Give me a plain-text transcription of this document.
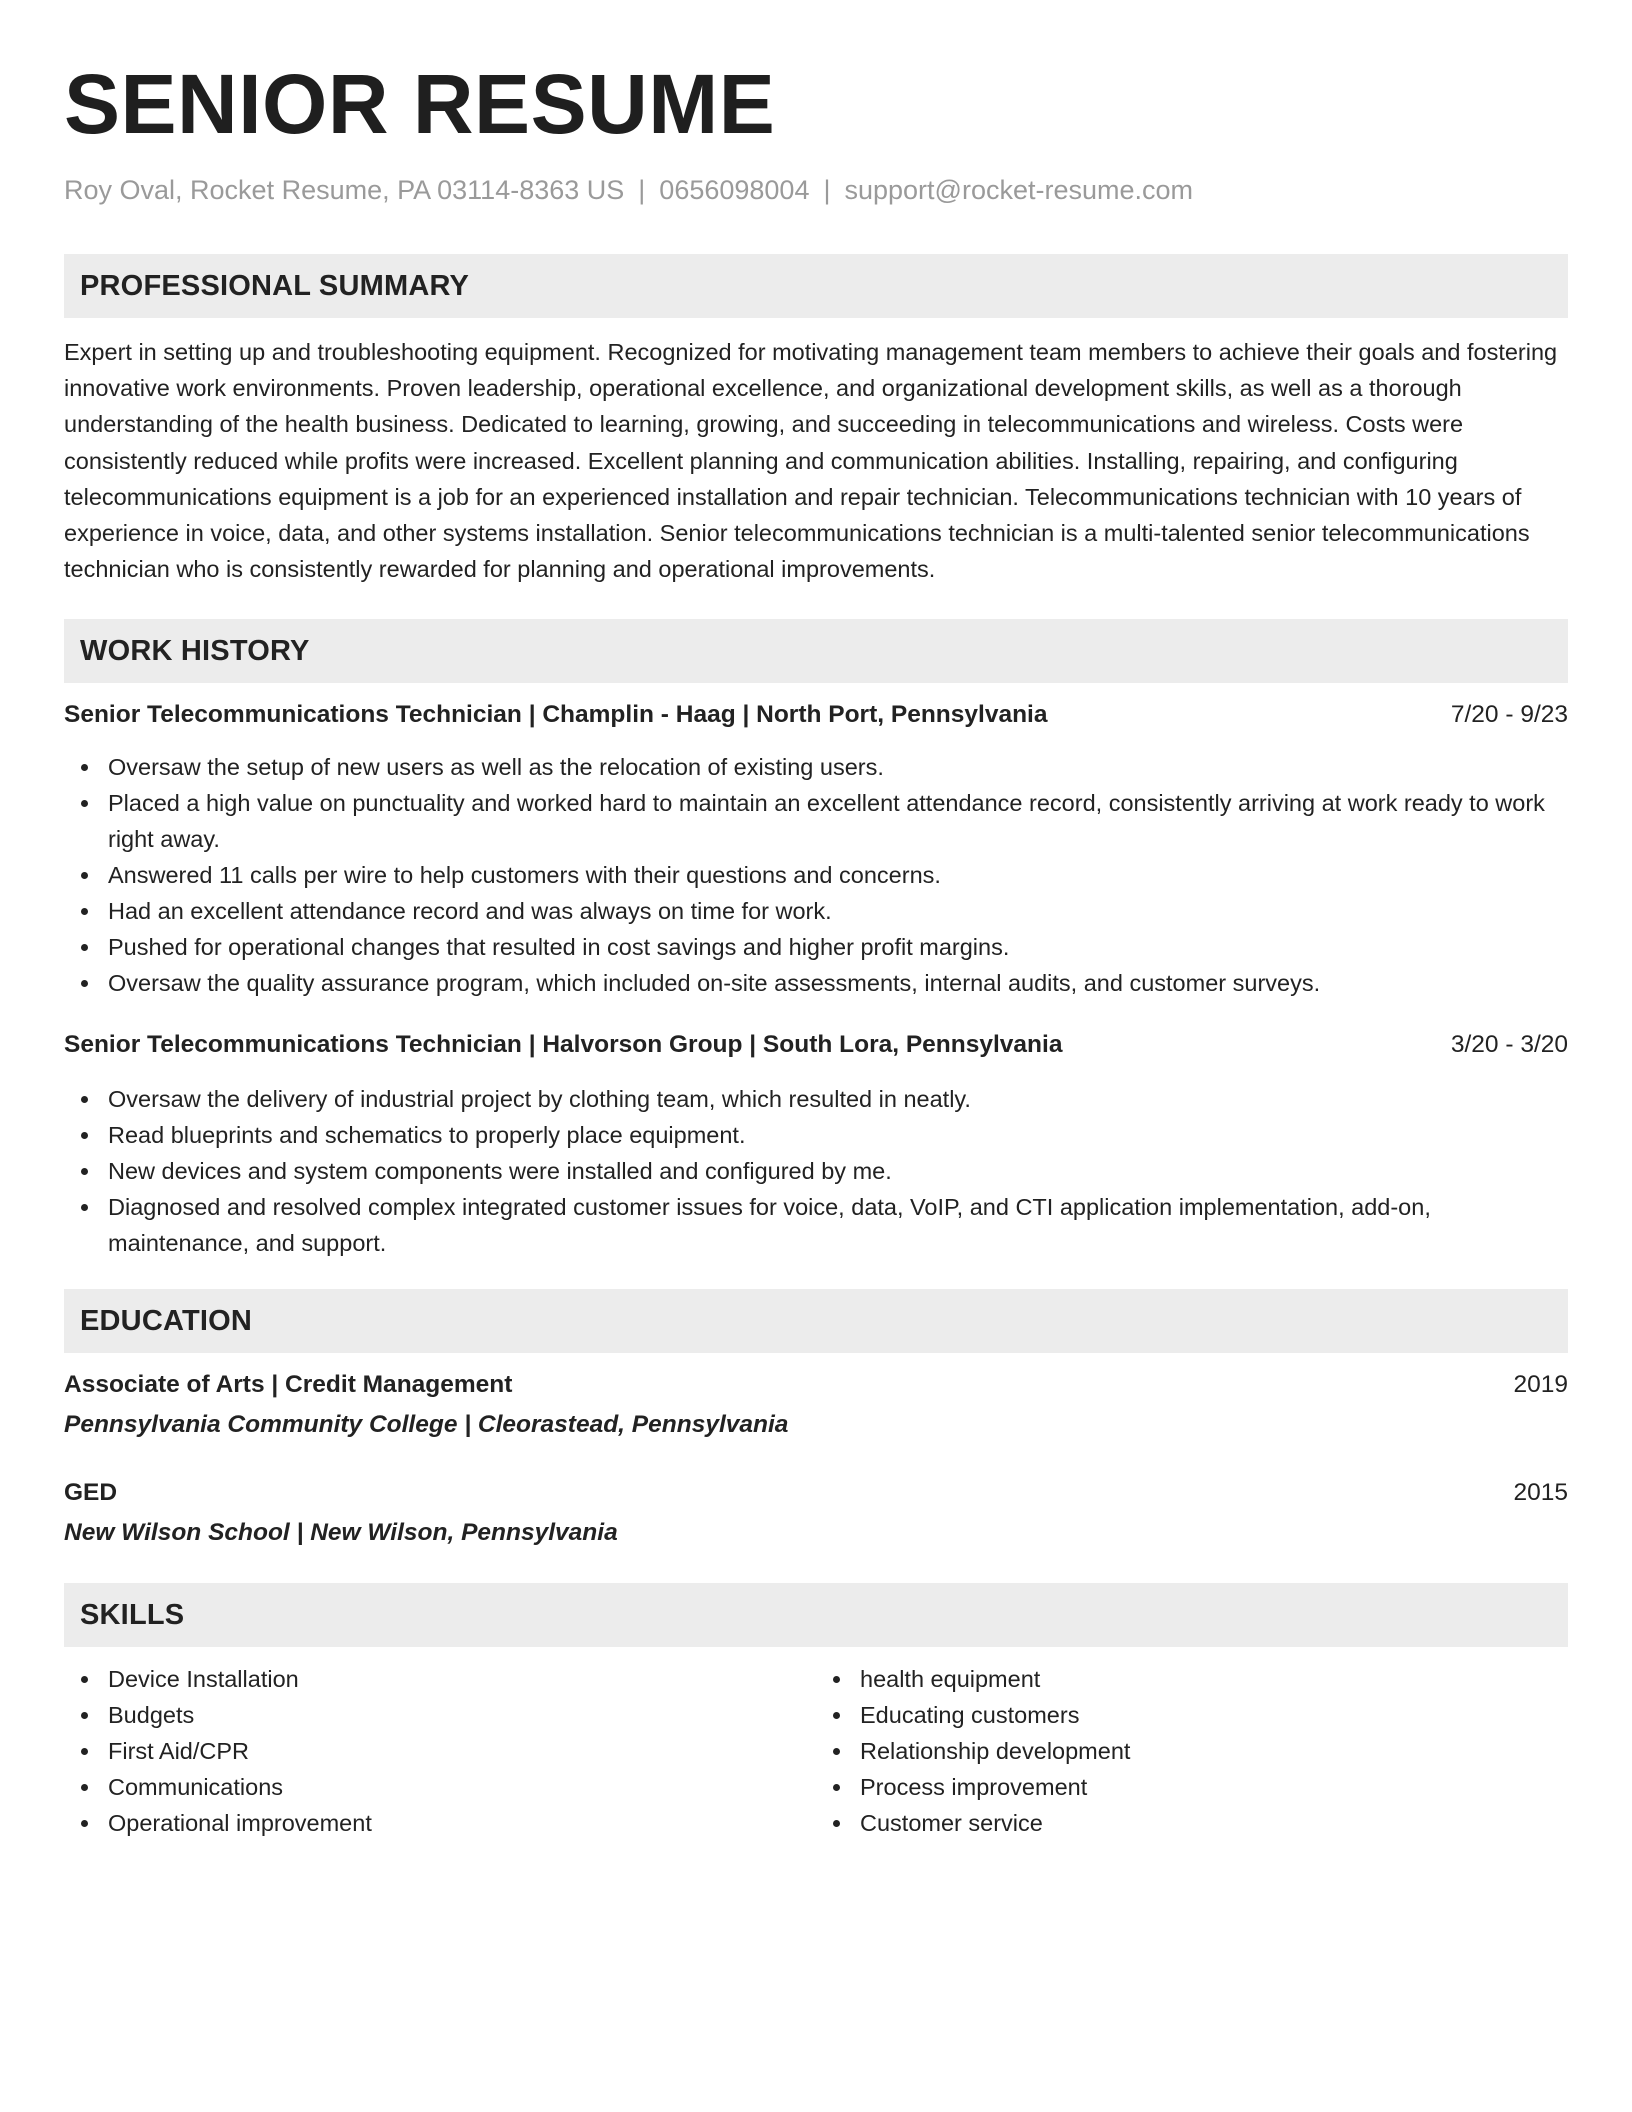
SENIOR RESUME
Roy Oval, Rocket Resume, PA 03114-8363 US | 0656098004 | support@rocket-resume.com
PROFESSIONAL SUMMARY
Expert in setting up and troubleshooting equipment. Recognized for motivating management team members to achieve their goals and fostering innovative work environments. Proven leadership, operational excellence, and organizational development skills, as well as a thorough understanding of the health business. Dedicated to learning, growing, and succeeding in telecommunications and wireless. Costs were consistently reduced while profits were increased. Excellent planning and communication abilities. Installing, repairing, and configuring telecommunications equipment is a job for an experienced installation and repair technician. Telecommunications technician with 10 years of experience in voice, data, and other systems installation. Senior telecommunications technician is a multi-talented senior telecommunications technician who is consistently rewarded for planning and operational improvements.
WORK HISTORY
Senior Telecommunications Technician | Champlin - Haag | North Port, Pennsylvania	7/20 - 9/23
Oversaw the setup of new users as well as the relocation of existing users.
Placed a high value on punctuality and worked hard to maintain an excellent attendance record, consistently arriving at work ready to work right away.
Answered 11 calls per wire to help customers with their questions and concerns.
Had an excellent attendance record and was always on time for work.
Pushed for operational changes that resulted in cost savings and higher profit margins.
Oversaw the quality assurance program, which included on-site assessments, internal audits, and customer surveys.
Senior Telecommunications Technician | Halvorson Group | South Lora, Pennsylvania	3/20 - 3/20
Oversaw the delivery of industrial project by clothing team, which resulted in neatly.
Read blueprints and schematics to properly place equipment.
New devices and system components were installed and configured by me.
Diagnosed and resolved complex integrated customer issues for voice, data, VoIP, and CTI application implementation, add-on, maintenance, and support.
EDUCATION
Associate of Arts | Credit Management	2019
Pennsylvania Community College | Cleorastead, Pennsylvania
GED	2015
New Wilson School | New Wilson, Pennsylvania
SKILLS
Device Installation
Budgets
First Aid/CPR
Communications
Operational improvement
health equipment
Educating customers
Relationship development
Process improvement
Customer service
